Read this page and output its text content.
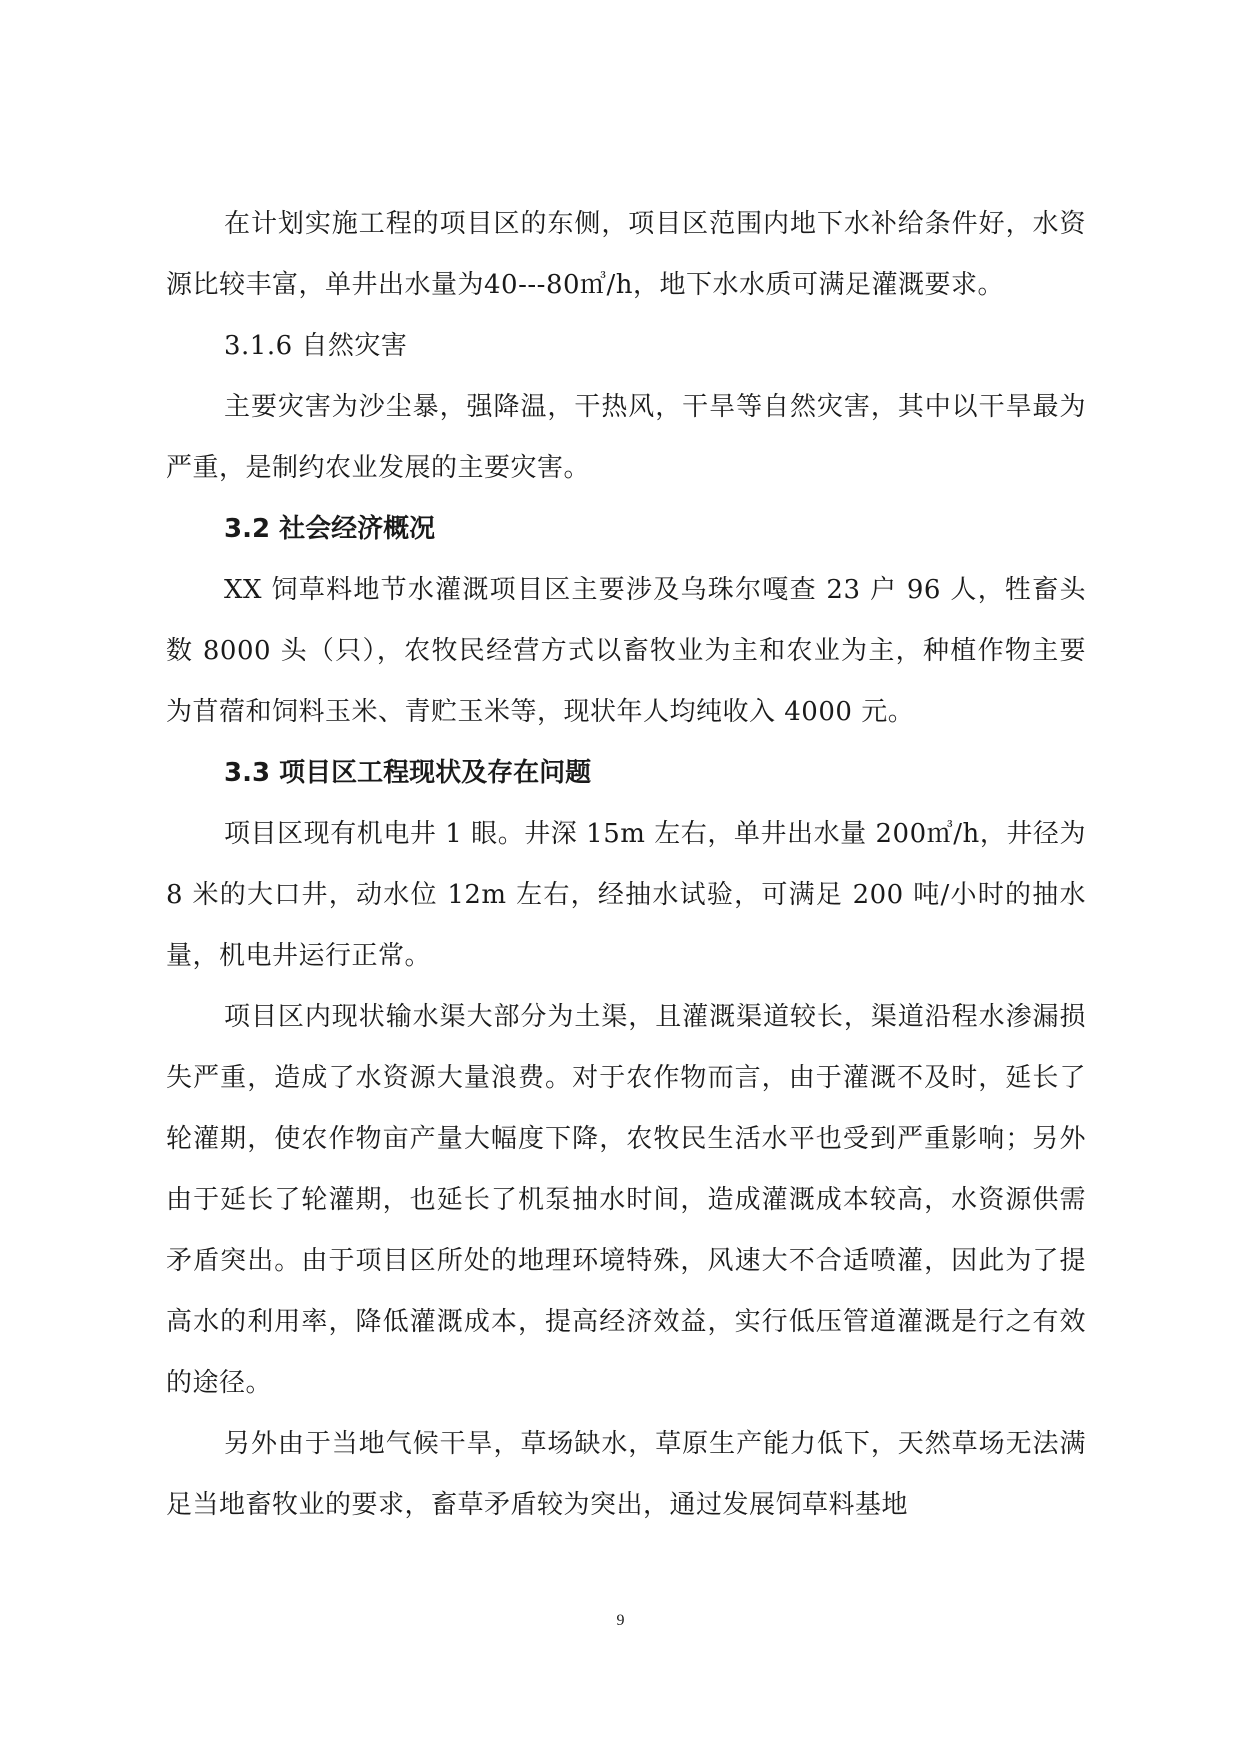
在计划实施工程的项目区的东侧，项目区范围内地下水补给条件好，水资源比较丰富，单井出水量为40---80㎥/h，地下水水质可满足灌溉要求。

3.1.6 自然灾害

主要灾害为沙尘暴，强降温，干热风，干旱等自然灾害，其中以干旱最为严重，是制约农业发展的主要灾害。

3.2 社会经济概况

XX 饲草料地节水灌溉项目区主要涉及乌珠尔嘎查 23 户 96 人，牲畜头数 8000 头（只），农牧民经营方式以畜牧业为主和农业为主，种植作物主要为苜蓿和饲料玉米、青贮玉米等，现状年人均纯收入 4000 元。

3.3 项目区工程现状及存在问题

项目区现有机电井 1 眼。井深 15m 左右，单井出水量 200㎥/h，井径为 8 米的大口井，动水位 12m 左右，经抽水试验，可满足 200 吨/小时的抽水量，机电井运行正常。

项目区内现状输水渠大部分为土渠，且灌溉渠道较长，渠道沿程水渗漏损失严重，造成了水资源大量浪费。对于农作物而言，由于灌溉不及时，延长了轮灌期，使农作物亩产量大幅度下降，农牧民生活水平也受到严重影响；另外由于延长了轮灌期，也延长了机泵抽水时间，造成灌溉成本较高，水资源供需矛盾突出。由于项目区所处的地理环境特殊，风速大不合适喷灌，因此为了提高水的利用率，降低灌溉成本，提高经济效益，实行低压管道灌溉是行之有效的途径。

另外由于当地气候干旱，草场缺水，草原生产能力低下，天然草场无法满足当地畜牧业的要求，畜草矛盾较为突出，通过发展饲草料基地

9
